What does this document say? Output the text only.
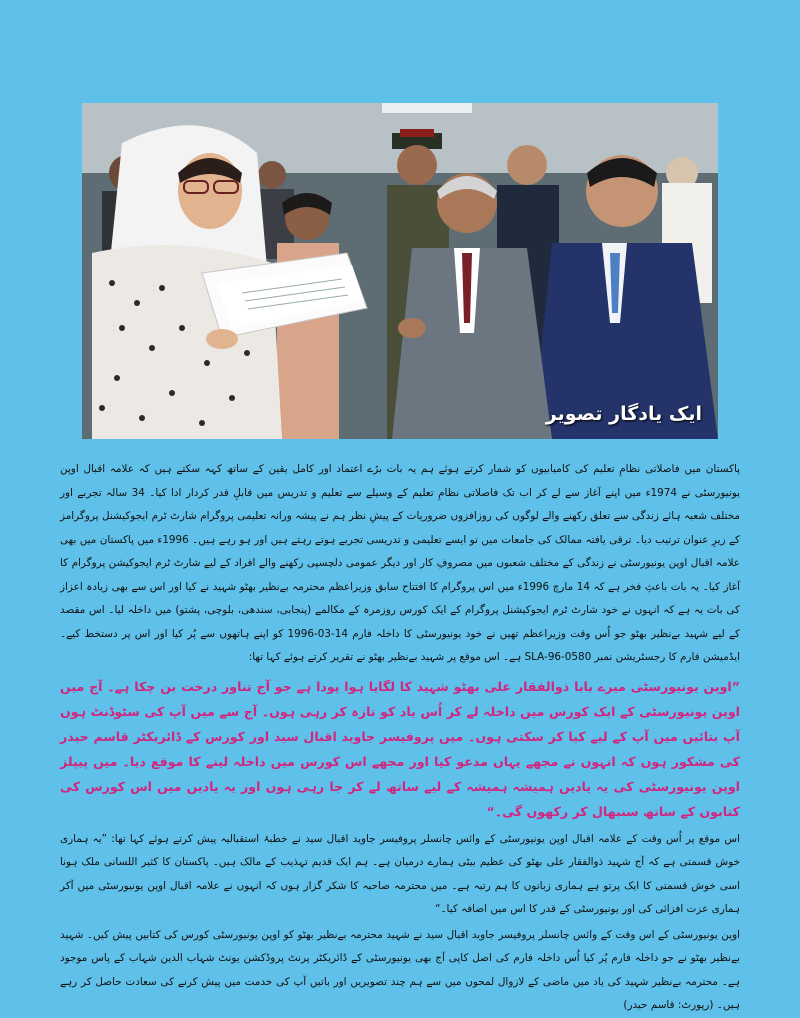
ایک یادگار تصویر

پاکستان میں فاصلاتی نظامِ تعلیم کی کامیابیوں کو شمار کرتے ہوئے ہم یہ بات بڑے اعتماد اور کامل یقین کے ساتھ کہہ سکتے ہیں کہ علامہ اقبال اوپن یونیورسٹی نے 1974ء میں اپنے آغاز سے لے کر اب تک فاصلاتی نظامِ تعلیم کے وسیلے سے تعلیم و تدریس میں قابلِ قدر کردار ادا کیا۔ 34 سالہ تجربے اور مختلف شعبہ ہائے زندگی سے تعلق رکھنے والے لوگوں کی روزافزوں ضروریات کے پیشِ نظر ہم نے پیشہ ورانہ تعلیمی پروگرام شارٹ ٹرم ایجوکیشنل پروگرامز کے زیرِ عنوان ترتیب دیا۔ ترقی یافتہ ممالک کی جامعات میں تو ایسے تعلیمی و تدریسی تجربے ہوتے رہتے ہیں اور ہو رہے ہیں۔ 1996ء میں پاکستان میں بھی علامہ اقبال اوپن یونیورسٹی نے زندگی کے مختلف شعبوں میں مصروفِ کار اور دیگر عمومی دلچسپی رکھنے والے افراد کے لیے شارٹ ٹرم ایجوکیشن پروگرام کا آغاز کیا۔ یہ بات باعثِ فخر ہے کہ 14 مارچ 1996ء میں اس پروگرام کا افتتاح سابق وزیراعظم محترمہ بےنظیر بھٹو شہید نے کیا اور اس سے بھی زیادہ اعزاز کی بات یہ ہے کہ انہوں نے خود شارٹ ٹرم ایجوکیشنل پروگرام کے ایک کورس روزمرہ کے مکالمے (پنجابی، سندھی، بلوچی، پشتو) میں داخلہ لیا۔ اس مقصد کے لیے شہید بےنظیر بھٹو جو اُس وقت وزیراعظم تھیں نے خود یونیورسٹی کا داخلہ فارم 14-03-1996 کو اپنے ہاتھوں سے پُر کیا اور اس پر دستخط کیے۔ ایڈمیشن فارم کا رجسٹریشن نمبر 0580-SLA-96 ہے۔ اس موقع پر شہید بےنظیر بھٹو نے تقریر کرتے ہوئے کہا تھا:

”اوپن یونیورسٹی میرے بابا ذوالفقار علی بھٹو شہید کا لگایا ہوا پودا ہے جو آج تناور درخت بن چکا ہے۔ آج میں اوپن یونیورسٹی کے ایک کورس میں داخلہ لے کر اُس یاد کو تازہ کر رہی ہوں۔ آج سے میں آپ کی سٹوڈنٹ ہوں آپ بتائیں میں آپ کے لیے کیا کر سکتی ہوں۔ میں پروفیسر جاوید اقبال سید اور کورس کے ڈائریکٹر قاسم حیدر کی مشکور ہوں کہ انہوں نے مجھے یہاں مدعو کیا اور مجھے اس کورس میں داخلہ لینے کا موقع دیا۔ میں پیپلز اوپن یونیورسٹی کی یہ یادیں ہمیشہ ہمیشہ کے لیے ساتھ لے کر جا رہی ہوں اور یہ یادیں میں اس کورس کی کتابوں کے ساتھ سنبھال کر رکھوں گی۔“

اس موقع پر اُس وقت کے علامہ اقبال اوپن یونیورسٹی کے وائس چانسلر پروفیسر جاوید اقبال سید نے خطبۂ استقبالیہ پیش کرتے ہوئے کہا تھا: ”یہ ہماری خوش قسمتی ہے کہ آج شہید ذوالفقار علی بھٹو کی عظیم بیٹی ہمارے درمیان ہے۔ ہم ایک قدیم تہذیب کے مالک ہیں۔ پاکستان کا کثیر اللسانی ملک ہونا اسی خوش قسمتی کا ایک پرتو ہے ہماری زبانوں کا ہم رتبہ ہے۔ میں محترمہ صاحبہ کا شکر گزار ہوں کہ انہوں نے علامہ اقبال اوپن یونیورسٹی میں آکر ہماری عزت افزائی کی اور یونیورسٹی کے قدر کا اس میں اضافہ کیا۔“

اوپن یونیورسٹی کے اس وقت کے وائس چانسلر پروفیسر جاوید اقبال سید نے شہید محترمہ بےنظیر بھٹو کو اوپن یونیورسٹی کورس کی کتابیں پیش کیں۔ شہید بےنظیر بھٹو نے جو داخلہ فارم پُر کیا اُس داخلہ فارم کی اصل کاپی آج بھی یونیورسٹی کے ڈائریکٹر پرنٹ پروڈکشن یونٹ شہاب الدین شہاب کے پاس موجود ہے۔ محترمہ بےنظیر شہید کی یاد میں ماضی کے لازوال لمحوں میں سے ہم چند تصویریں اور باتیں آپ کی خدمت میں پیش کرنے کی سعادت حاصل کر رہے ہیں۔ (رپورٹ: قاسم حیدر)
